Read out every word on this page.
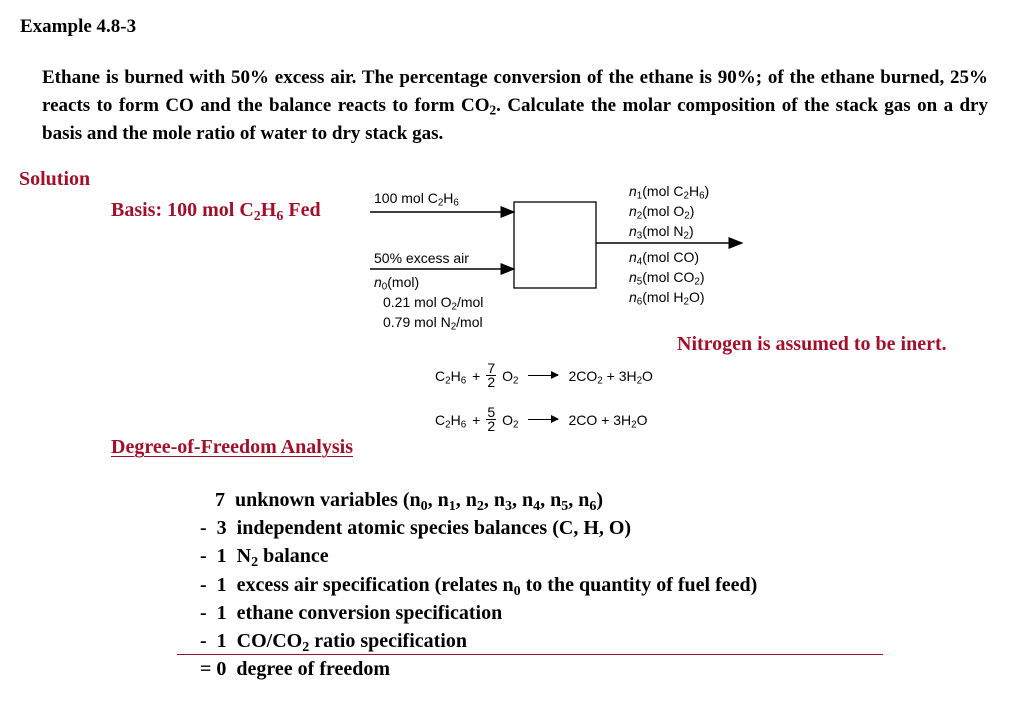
Example 4.8-3
Ethane is burned with 50% excess air. The percentage conversion of the ethane is 90%; of the ethane burned, 25% reacts to form CO and the balance reacts to form $CO_2$. Calculate the molar composition of the stack gas on a dry basis and the mole ratio of water to dry stack gas.
Solution
Basis: 100 mol $C_2H_6$ Fed
100 mol $C_2H_6$
50% excess air
$n_0(mol)$
0.21 mol $O_2$/mol
0.79 mol $N_2$/mol
$n_1(mol$ $C_2H_6$)
$n_2(mol$ $O_2$)
$n_3(mol$ $N_2$)
$n_4(mol$ CO)
$n_5(mol$ $CO_2$)
$n_6(mol$ $H_2O$)
Nitrogen is assumed to be inert.
$C_2H_6 + \frac{7}{2} O_2$	$2CO_2 + 3H_2O$
$C_2H_6 + \frac{5}{2} O_2$	$2CO + 3H_2O$
Degree-of-Freedom Analysis
7  unknown variables ($n_0$, $n_1$, $n_2$, $n_3$, $n_4$, $n_5$, $n_6$)
-  3  independent atomic species balances (C, H, O)
-  1  $N_2$ balance
-  1  excess air specification (relates $n_0$ to the quantity of fuel feed)
-  1  ethane conversion specification
-  1  $CO/CO_2$ ratio specification
= 0  degree of freedom
